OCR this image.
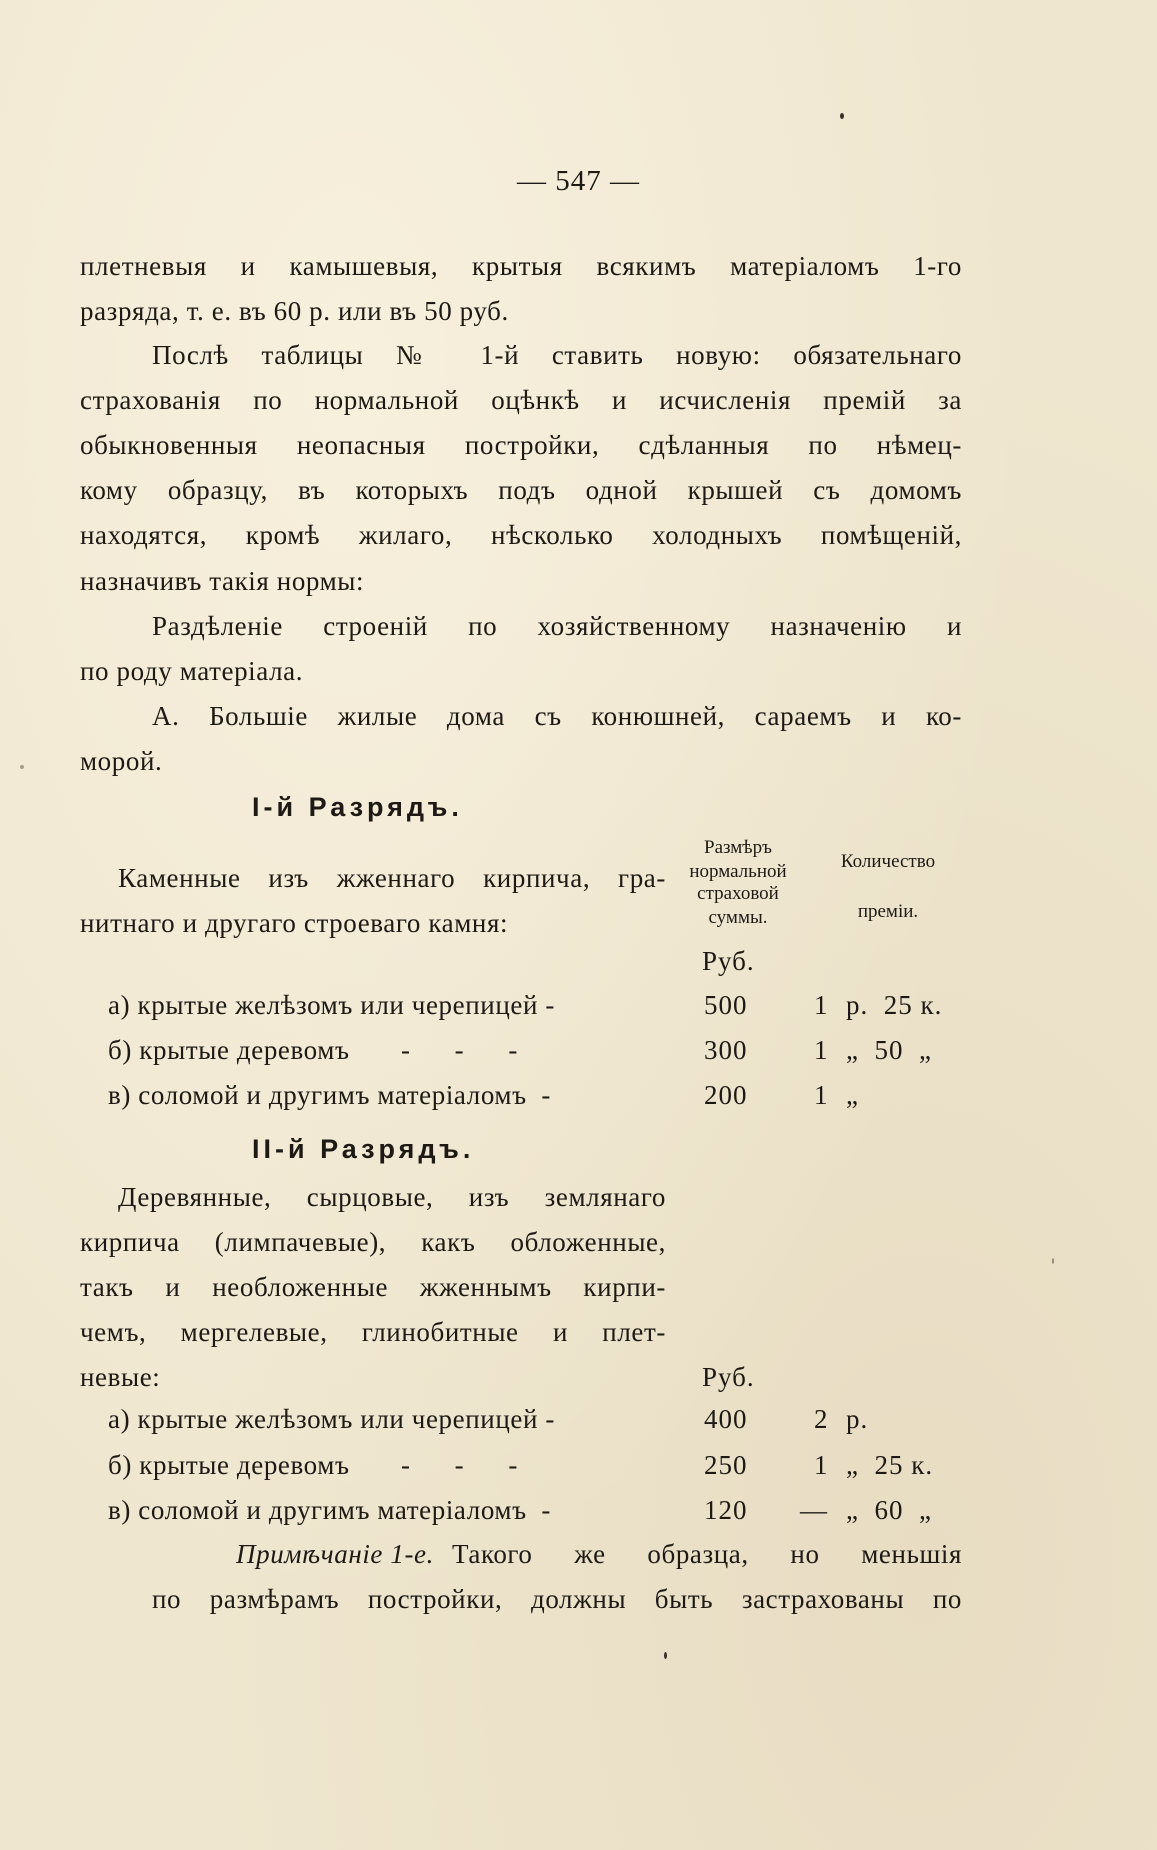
— 547 —
плетневыя и камышевыя, крытыя всякимъ матеріаломъ 1-го
разряда, т. е. въ 60 р. или въ 50 руб.
Послѣ таблицы № 1-й ставить новую: обязательнаго
страхованія по нормальной оцѣнкѣ и исчисленія премій за
обыкновенныя неопасныя постройки, сдѣланныя по нѣмец-
кому образцу, въ которыхъ подъ одной крышей съ домомъ
находятся, кромѣ жилаго, нѣсколько холодныхъ помѣщеній,
назначивъ такія нормы:
Раздѣленіе строеній по хозяйственному назначенію и
по роду матеріала.
А. Большіе жилые дома съ конюшней, сараемъ и ко-
морой.
І-й Разрядъ.
Размѣръ
нормальной
страховой
суммы.
Количество
преміи.
Каменные изъ жженнаго кирпича, гра-
нитнаго и другаго строеваго камня:
Руб.
а) крытые желѣзомъ или черепицей -	500 1 р.  25 к.
б) крытые деревомъ       -      -      -	300 1 „  50  „
в) соломой и другимъ матеріаломъ  -	200 1 „
ІІ-й Разрядъ.
Деревянные, сырцовые, изъ землянаго
кирпича (лимпачевые), какъ обложенные,
такъ и необложенные жженнымъ кирпи-
чемъ, мергелевые, глинобитные и плет-
невые:	Руб.
а) крытые желѣзомъ или черепицей -	400 2 р.
б) крытые деревомъ       -      -      -	250 1 „  25 к.
в) соломой и другимъ матеріаломъ  -	120 — „  60  „
Примѣчаніе 1-е. Такого же образца, но меньшія
по размѣрамъ постройки, должны быть застрахованы по
